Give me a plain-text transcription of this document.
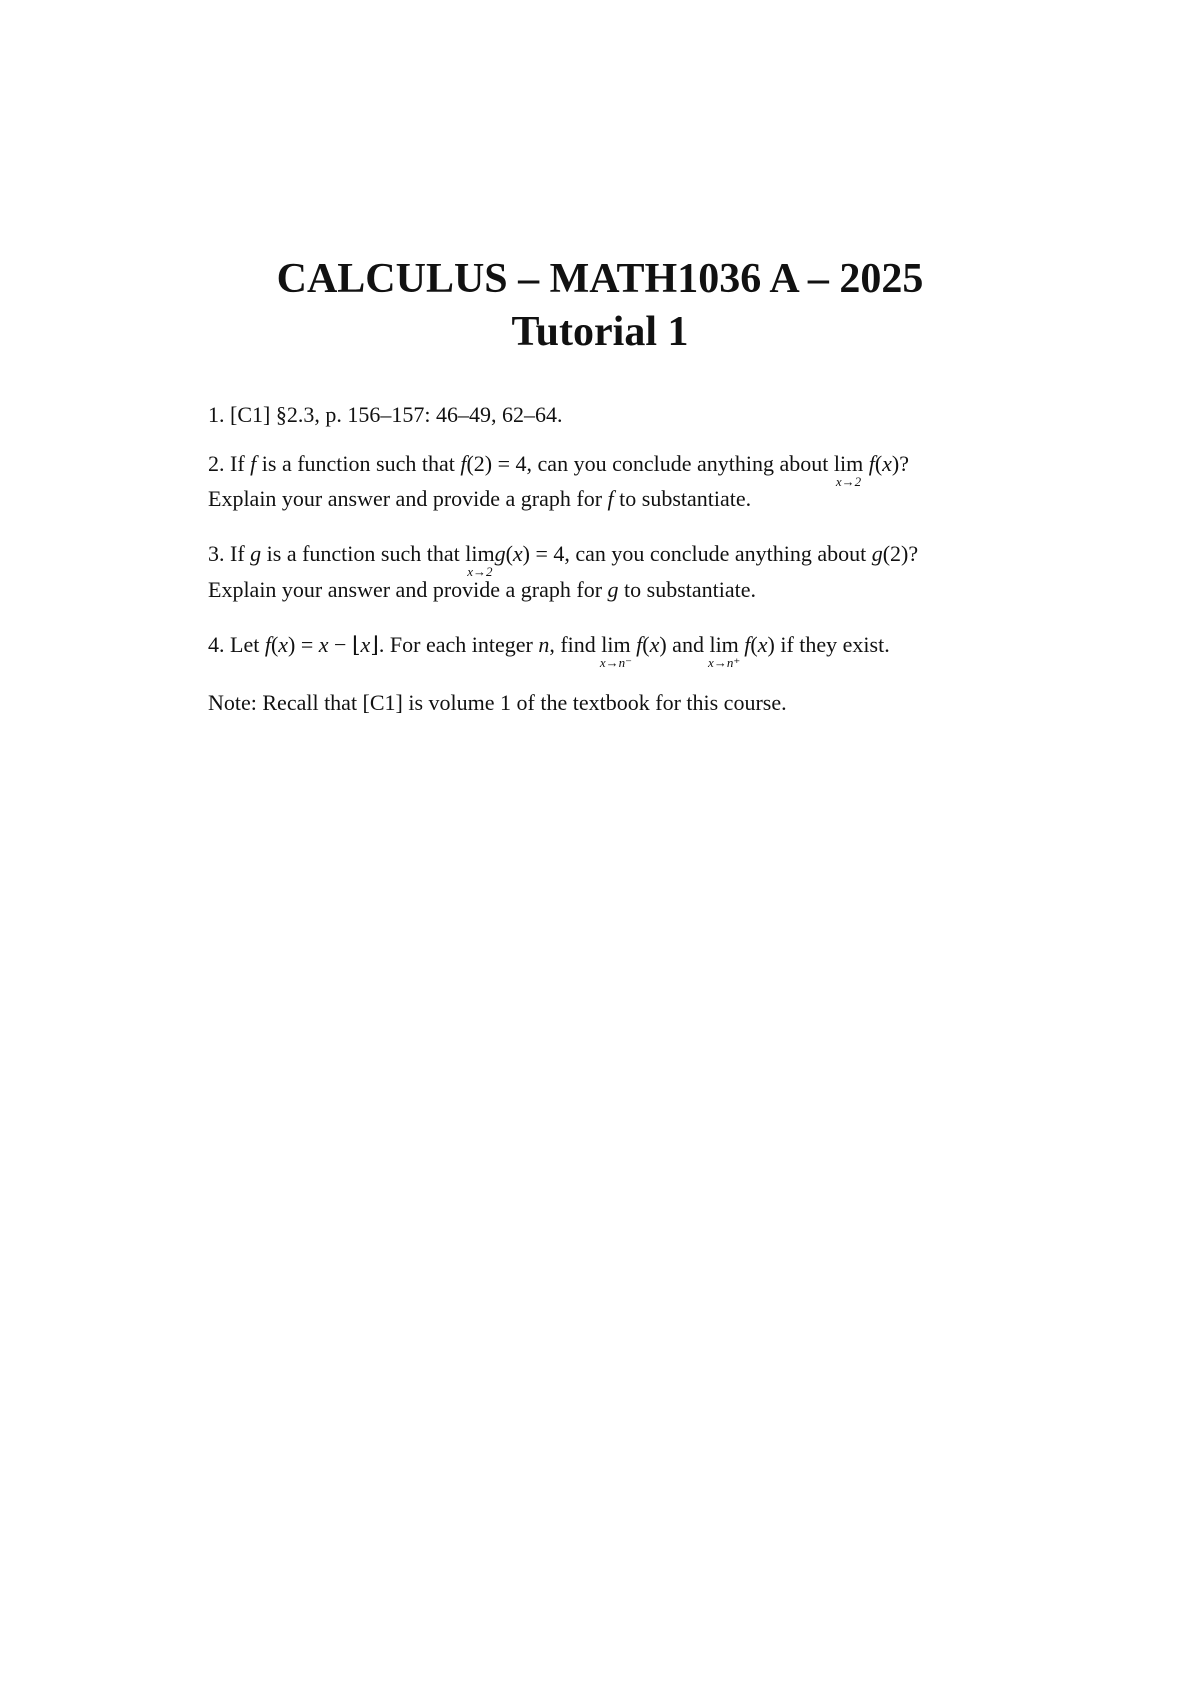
CALCULUS – MATH1036 A – 2025
Tutorial 1
1. [C1] §2.3, p. 156–157: 46–49, 62–64.
2. If f is a function such that f(2) = 4, can you conclude anything about lim
x→2
f(x)?
Explain your answer and provide a graph for f to substantiate.
3. If g is a function such that lim
x→2
g(x) = 4, can you conclude anything about g(2)?
Explain your answer and provide a graph for g to substantiate.
4. Let f(x) = x − ⌊x⌋. For each integer n, find lim
x→n⁻
f(x) and lim
x→n⁺
f(x) if they exist.
Note: Recall that [C1] is volume 1 of the textbook for this course.
